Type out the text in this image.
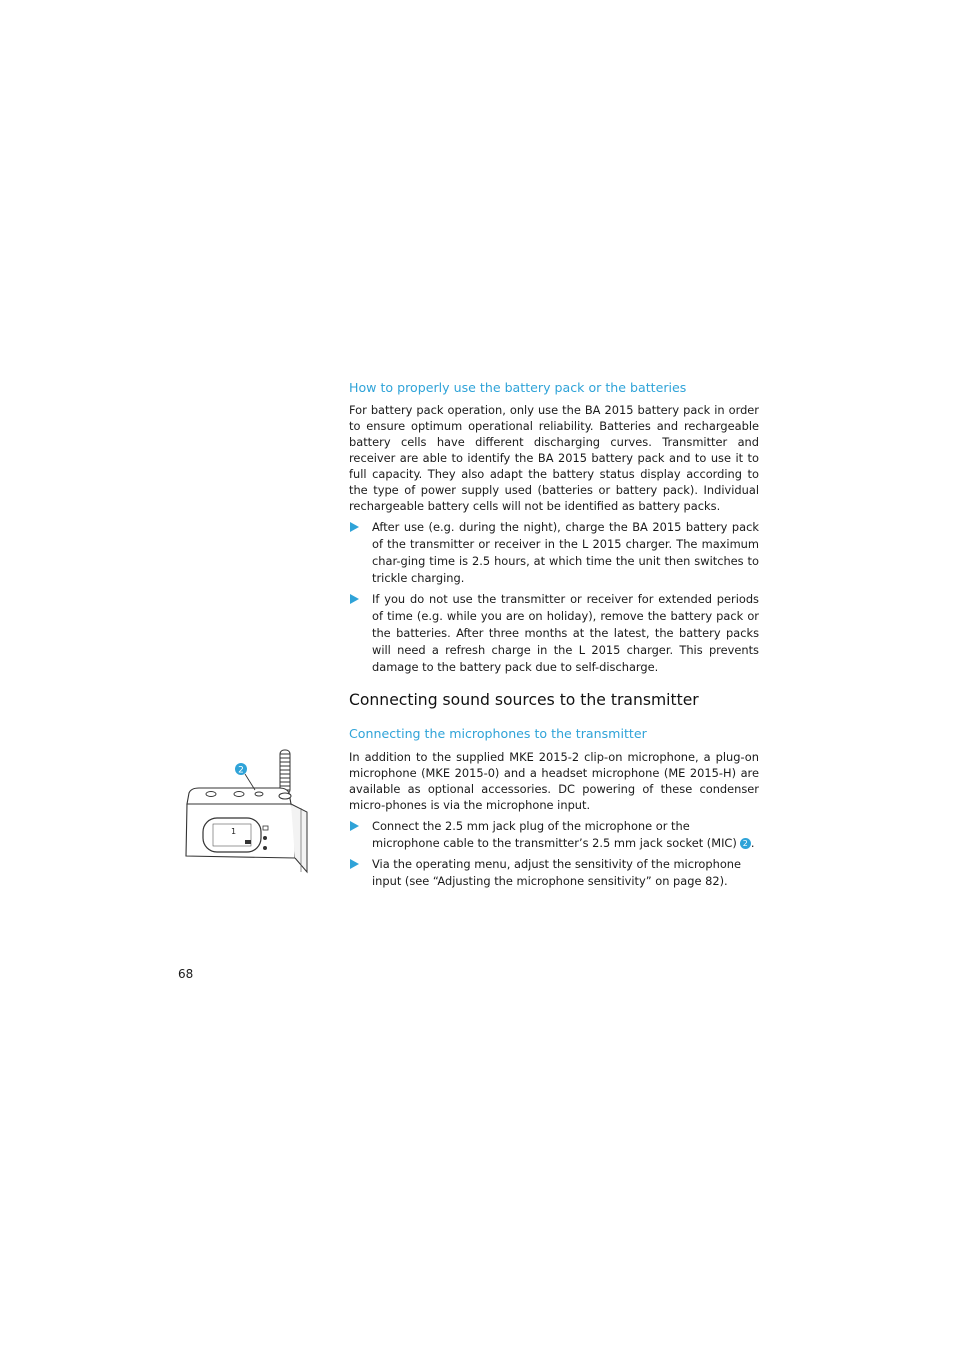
How to properly use the battery pack or the batteries

For battery pack operation, only use the BA 2015 battery pack in order to ensure optimum operational reliability. Batteries and rechargeable battery cells have different discharging curves. Transmitter and receiver are able to identify the BA 2015 battery pack and to use it to full capacity. They also adapt the battery status display according to the type of power supply used (batteries or battery pack). Individual rechargeable battery cells will not be identified as battery packs.

After use (e.g. during the night), charge the BA 2015 battery pack of the transmitter or receiver in the L 2015 charger. The maximum char-ging time is 2.5 hours, at which time the unit then switches to trickle charging.
If you do not use the transmitter or receiver for extended periods of time (e.g. while you are on holiday), remove the battery pack or the batteries. After three months at the latest, the battery packs will need a refresh charge in the L 2015 charger. This prevents damage to the battery pack due to self-discharge.
Connecting sound sources to the transmitter
Connecting the microphones to the transmitter

In addition to the supplied MKE 2015-2 clip-on microphone, a plug-on microphone (MKE 2015-0) and a headset microphone (ME 2015-H) are available as optional accessories. DC powering of these condenser micro-phones is via the microphone input.

Connect the 2.5 mm jack plug of the microphone or the microphone cable to the transmitter’s 2.5 mm jack socket (MIC) 2 .
Via the operating menu, adjust the sensitivity of the microphone input (see “Adjusting the microphone sensitivity” on page 82).
1
2
68
